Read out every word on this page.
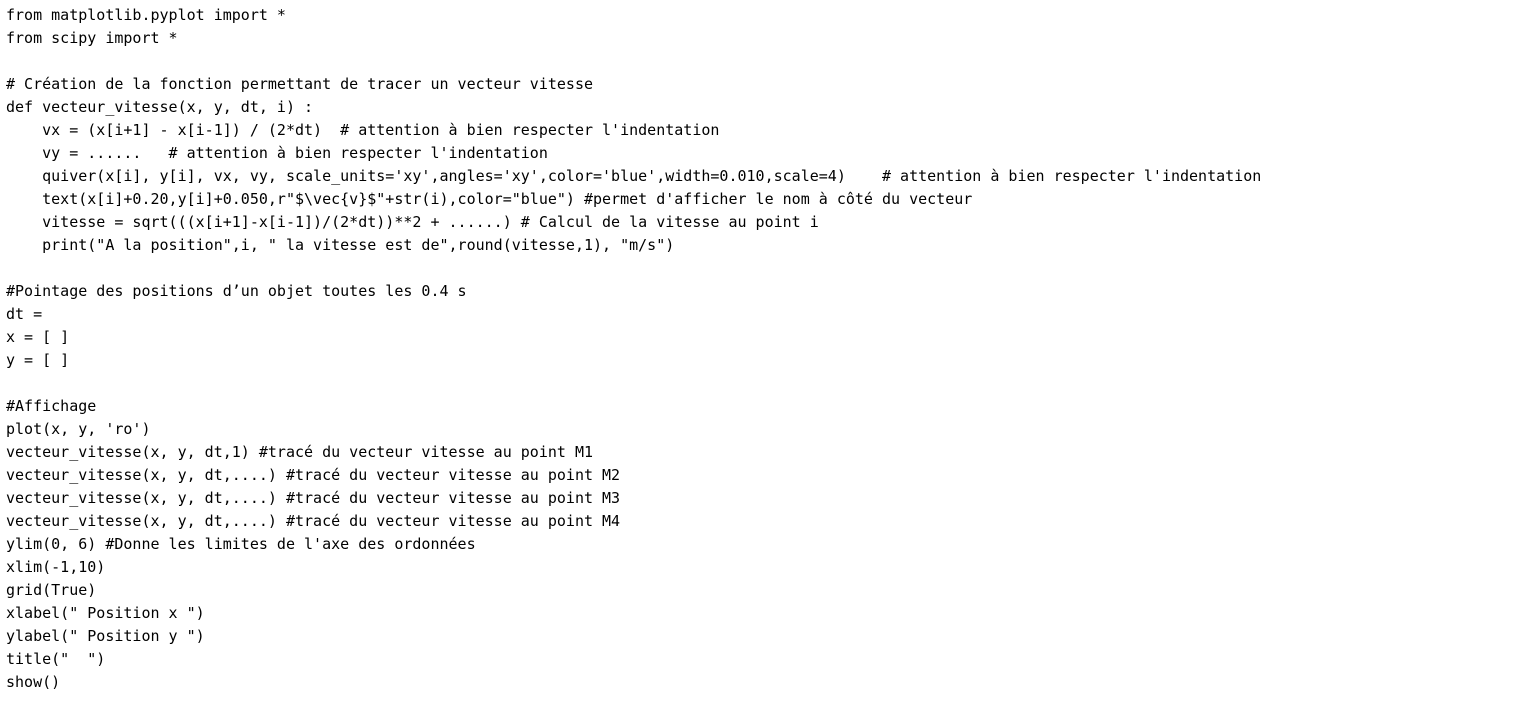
from matplotlib.pyplot import *
from scipy import *

# Création de la fonction permettant de tracer un vecteur vitesse
def vecteur_vitesse(x, y, dt, i) :
vx = (x[i+1] - x[i-1]) / (2*dt)  # attention à bien respecter l'indentation
vy = ......   # attention à bien respecter l'indentation
quiver(x[i], y[i], vx, vy, scale_units='xy',angles='xy',color='blue',width=0.010,scale=4)    # attention à bien respecter l'indentation
text(x[i]+0.20,y[i]+0.050,r"$\vec{v}$"+str(i),color="blue") #permet d'afficher le nom à côté du vecteur
vitesse = sqrt(((x[i+1]-x[i-1])/(2*dt))**2 + ......) # Calcul de la vitesse au point i
print("A la position",i, " la vitesse est de",round(vitesse,1), "m/s")

#Pointage des positions d’un objet toutes les 0.4 s
dt =
x = [ ]
y = [ ]

#Affichage
plot(x, y, 'ro')
vecteur_vitesse(x, y, dt,1) #tracé du vecteur vitesse au point M1
vecteur_vitesse(x, y, dt,....) #tracé du vecteur vitesse au point M2
vecteur_vitesse(x, y, dt,....) #tracé du vecteur vitesse au point M3
vecteur_vitesse(x, y, dt,....) #tracé du vecteur vitesse au point M4
ylim(0, 6) #Donne les limites de l'axe des ordonnées
xlim(-1,10)
grid(True)
xlabel(" Position x ")
ylabel(" Position y ")
title("  ")
show()
